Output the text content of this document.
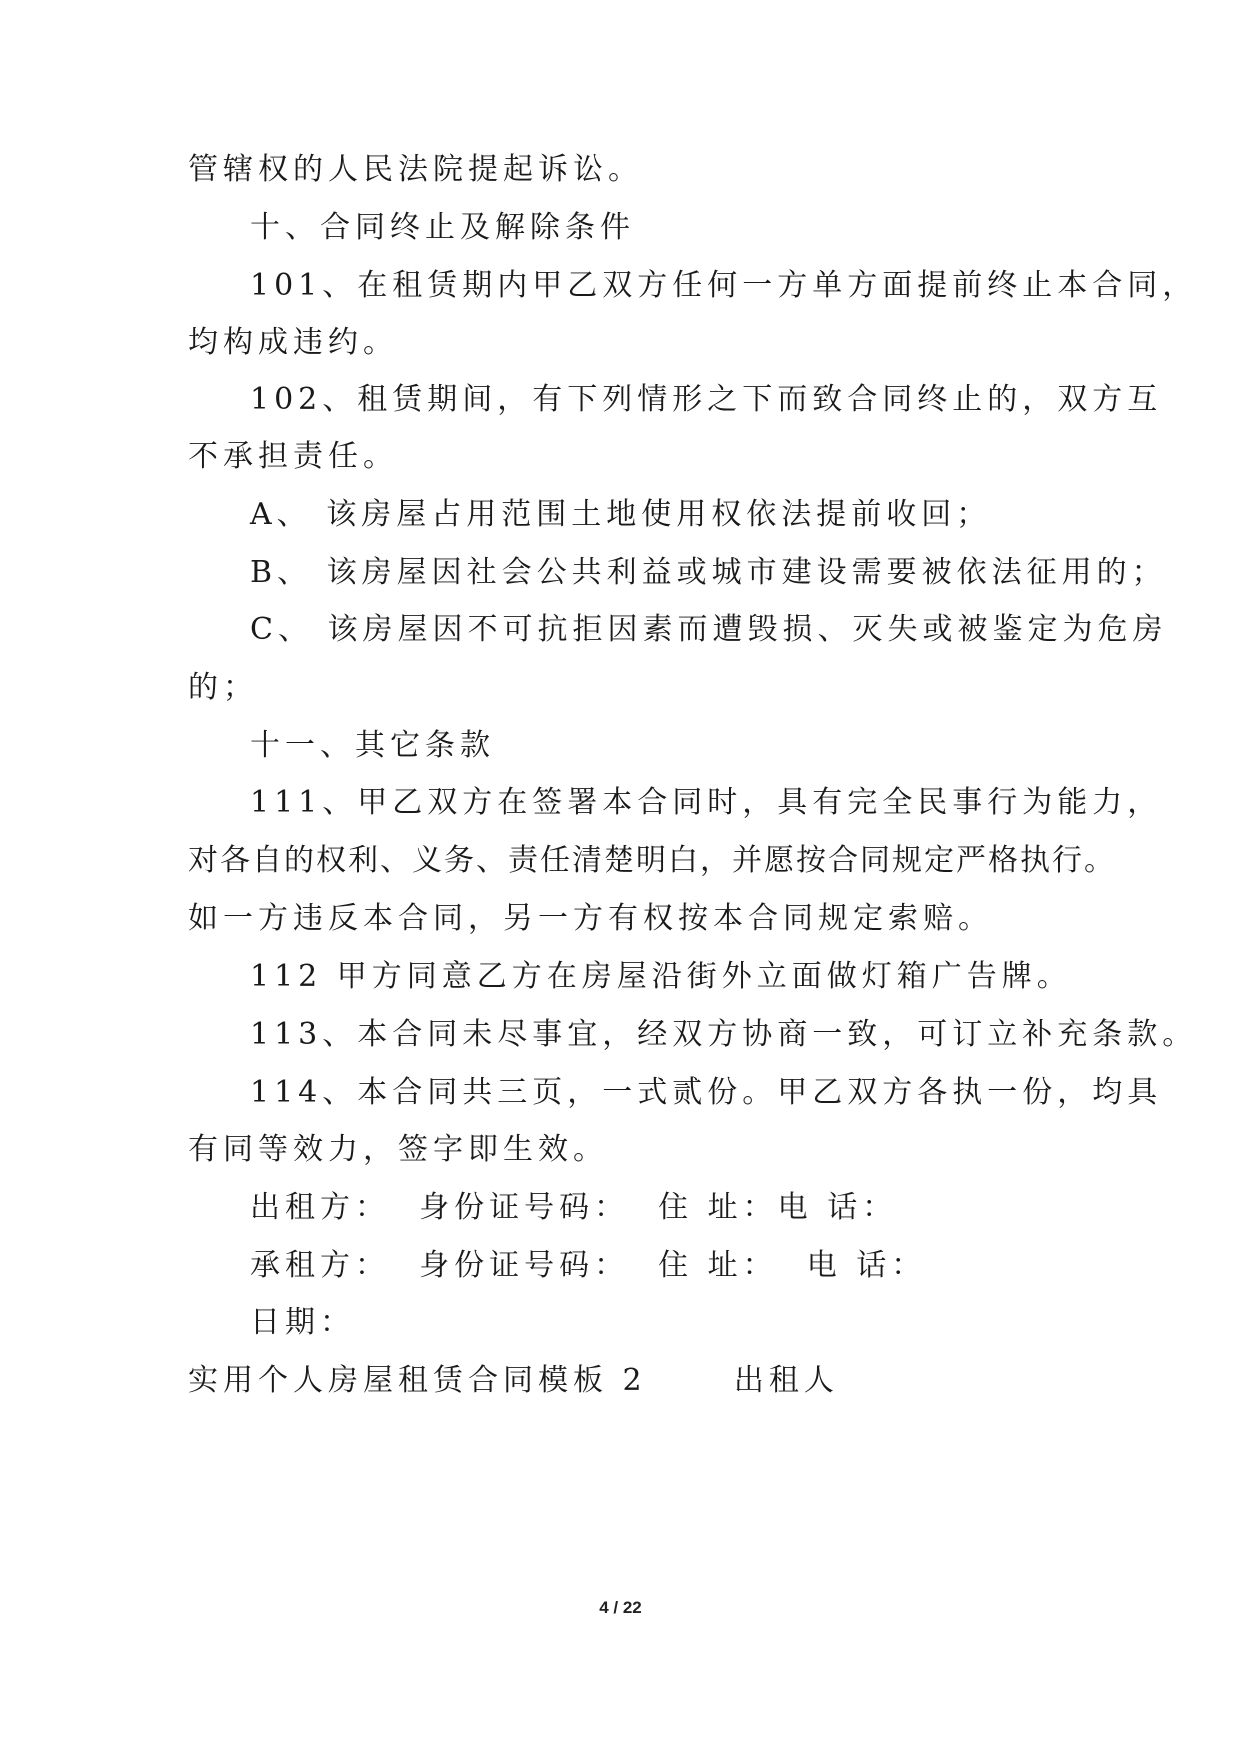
管辖权的人民法院提起诉讼。
十、合同终止及解除条件
101、在租赁期内甲乙双方任何一方单方面提前终止本合同，
均构成违约。
102、租赁期间，有下列情形之下而致合同终止的，双方互
不承担责任。
A、 该房屋占用范围土地使用权依法提前收回；
B、 该房屋因社会公共利益或城市建设需要被依法征用的；
C、 该房屋因不可抗拒因素而遭毁损、灭失或被鉴定为危房
的；
十一、其它条款
111、甲乙双方在签署本合同时，具有完全民事行为能力，
对各自的权利、义务、责任清楚明白，并愿按合同规定严格执行。
如一方违反本合同，另一方有权按本合同规定索赔。
112 甲方同意乙方在房屋沿街外立面做灯箱广告牌。
113、本合同未尽事宜，经双方协商一致，可订立补充条款。
114、本合同共三页，一式贰份。甲乙双方各执一份，均具
有同等效力，签字即生效。
出租方：  身份证号码：  住 址：电 话：
承租方：  身份证号码：  住 址：  电 话：
日期：
实用个人房屋租赁合同模板 2      出租人
4 / 22
